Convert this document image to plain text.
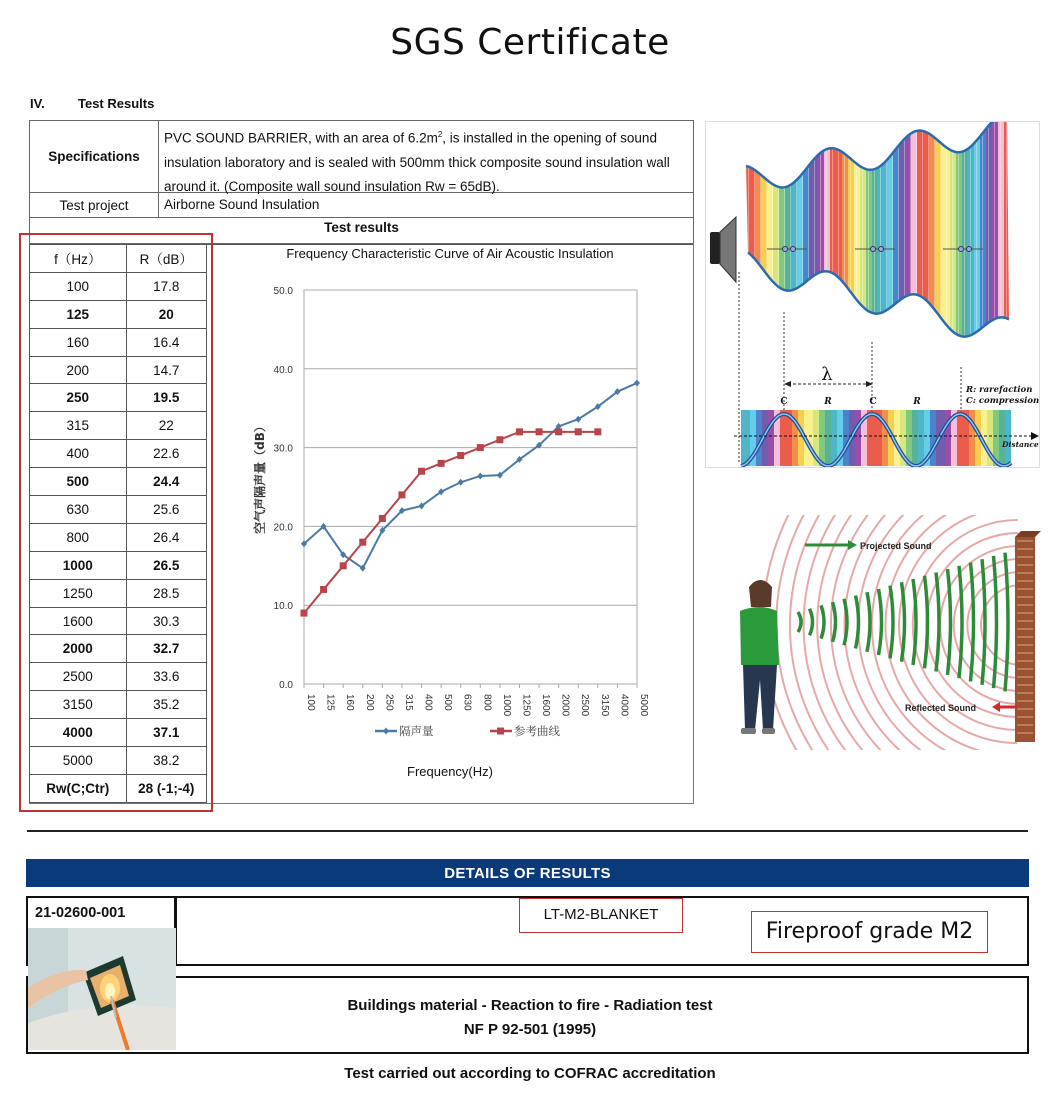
SGS Certificate
IV.	Test Results
Specifications
PVC SOUND BARRIER, with an area of $6.2m^2$, is installed in the opening of sound insulation laboratory and is sealed with 500mm thick composite sound insulation wall around it. (Composite wall sound insulation Rw = 65dB).
Test project	Airborne Sound Insulation
Test results
f（Hz）	R（dB）
100	17.8
125	20
160	16.4
200	14.7
250	19.5
315	22
400	22.6
500	24.4
630	25.6
800	26.4
1000	26.5
1250	28.5
1600	30.3
2000	32.7
2500	33.6
3150	35.2
4000	37.1
5000	38.2
Rw(C;Ctr)	28 (-1;-4)
Frequency Characteristic Curve of Air Acoustic Insulation
0.0
10.0
20.0
30.0
40.0
50.0
100 125 160 200 250 315 400 500 630 800 1000 1250 1600 2000 2500 3150 4000 5000
空气声隔声量（dB）
隔声量	参考曲线
Frequency(Hz)
λ
C	R	C	R
R: rarefaction
C: compression
Distance
Projected Sound
Reflected Sound
DETAILS OF RESULTS
21-02600-001	LT-M2-BLANKET
Fireproof grade M2
Buildings material - Reaction to fire - Radiation test
NF P 92-501 (1995)
Test carried out according to COFRAC accreditation
